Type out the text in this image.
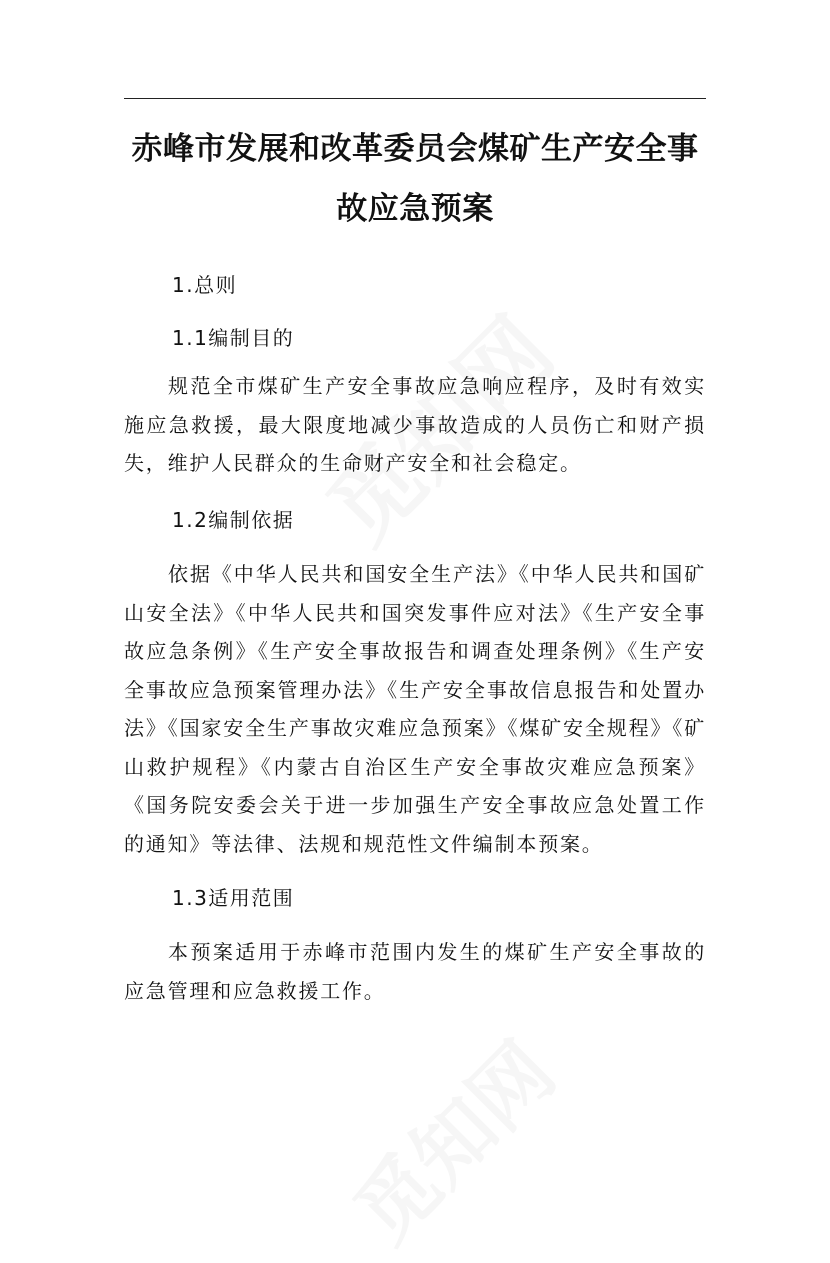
赤峰市发展和改革委员会煤矿生产安全事
故应急预案
1.总则
1.1编制目的

规范全市煤矿生产安全事故应急响应程序，及时有效实施应急救援，最大限度地减少事故造成的人员伤亡和财产损失，维护人民群众的生命财产安全和社会稳定。

1.2编制依据

依据《中华人民共和国安全生产法》《中华人民共和国矿山安全法》《中华人民共和国突发事件应对法》《生产安全事故应急条例》《生产安全事故报告和调查处理条例》《生产安全事故应急预案管理办法》《生产安全事故信息报告和处置办法》《国家安全生产事故灾难应急预案》《煤矿安全规程》《矿山救护规程》《内蒙古自治区生产安全事故灾难应急预案》《国务院安委会关于进一步加强生产安全事故应急处置工作的通知》等法律、法规和规范性文件编制本预案。

1.3适用范围

本预案适用于赤峰市范围内发生的煤矿生产安全事故的应急管理和应急救援工作。
